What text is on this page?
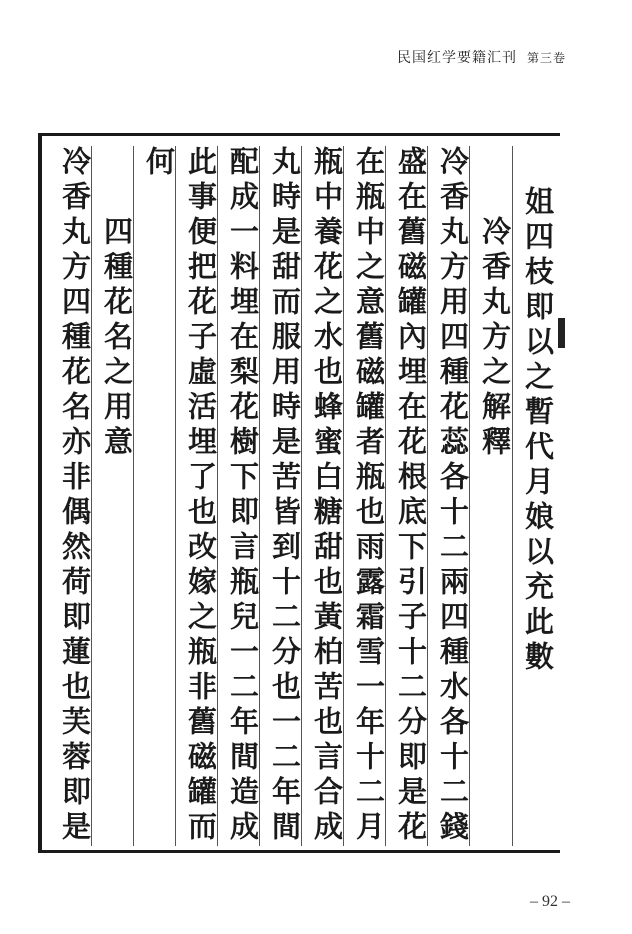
民国红学要籍汇刊 第三卷
姐四枝即以之暫代月娘以充此數
冷香丸方之解釋
冷香丸方用四種花蕊各十二兩四種水各十二錢
盛在舊磁罐內埋在花根底下引子十二分即是花
在瓶中之意舊磁罐者瓶也雨露霜雪一年十二月
瓶中養花之水也蜂蜜白糖甜也黃柏苦也言合成
丸時是甜而服用時是苦皆到十二分也一二年間
配成一料埋在梨花樹下即言瓶兒一二年間造成
此事便把花子虛活埋了也改嫁之瓶非舊磁罐而
何
四種花名之用意
冷香丸方四種花名亦非偶然荷即蓮也芙蓉即是
– 92 –
